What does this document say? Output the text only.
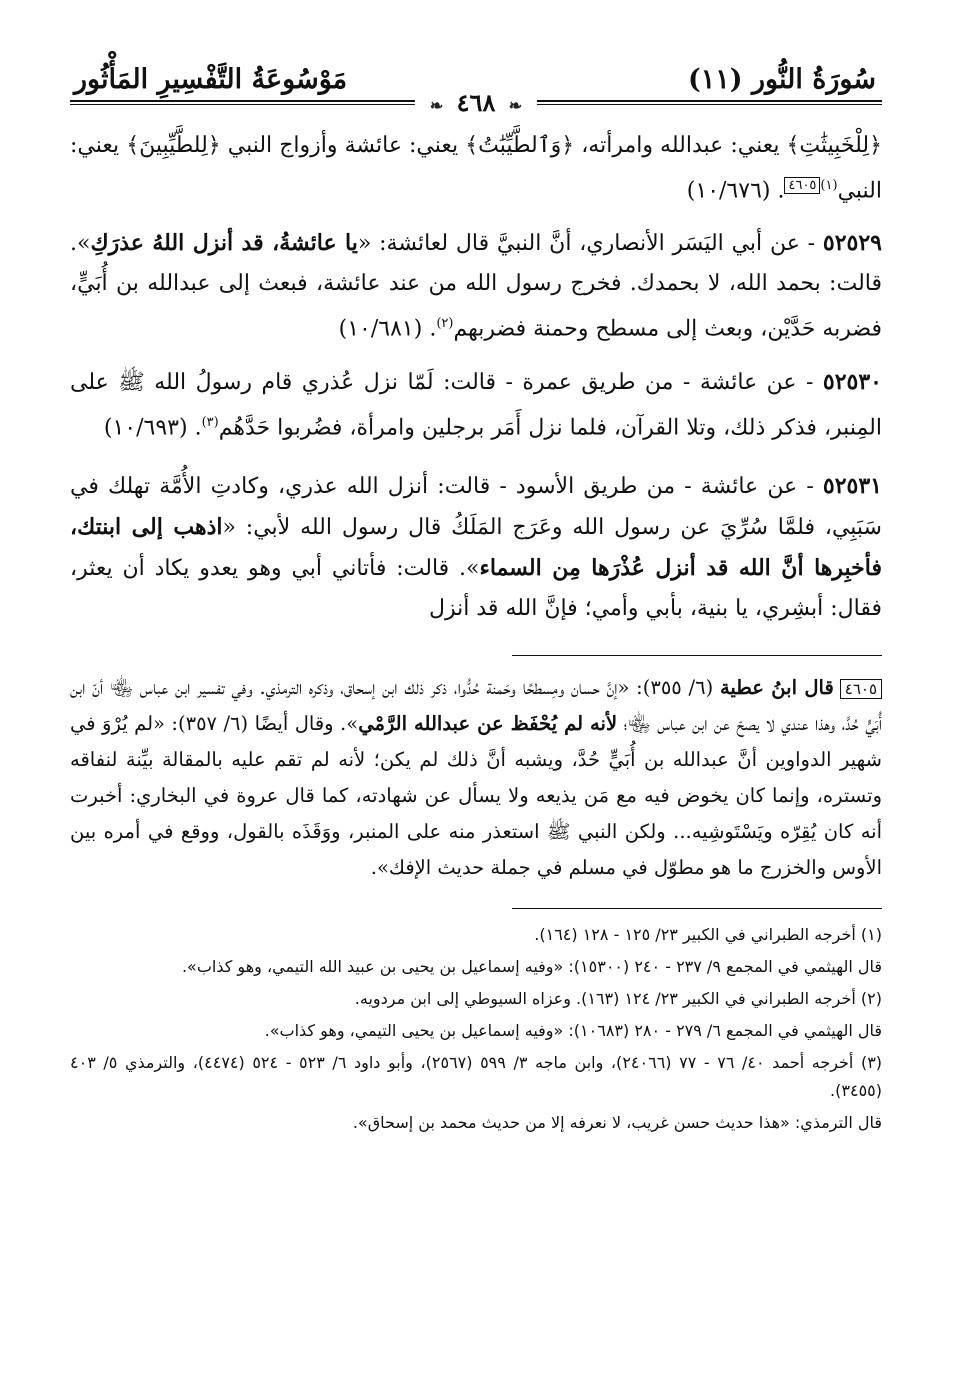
سُورَةُ النُّور (١١)
مَوْسُوعَةُ التَّفْسِيرِ المَأْثُور
❧ ٤٦٨ ❧

﴿لِلْخَبِيثَٰتِ﴾ يعني: عبدالله وامرأته، ﴿وَٱلطَّيِّبَٰتُ﴾ يعني: عائشة وأزواج النبي ﴿لِلطَّيِّبِينَ﴾ يعني: النبي$^{(١)}$٤٦٠٥. (١٠/٦٧٦)

٥٢٥٢٩ - عن أبي اليَسَر الأنصاري، أنَّ النبيَّ قال لعائشة: «يا عائشةُ، قد أنزل اللهُ عذرَكِ». قالت: بحمد الله، لا بحمدك. فخرج رسول الله من عند عائشة، فبعث إلى عبدالله بن أُبَيٍّ، فضربه حَدَّيْن، وبعث إلى مسطح وحمنة فضربهم$^{(٢)}$. (١٠/٦٨١)

٥٢٥٣٠ - عن عائشة - من طريق عمرة - قالت: لَمّا نزل عُذري قام رسولُ الله ﷺ على المِنبر، فذكر ذلك، وتلا القرآن، فلما نزل أَمَر برجلين وامرأة، فضُربوا حَدَّهُم$^{(٣)}$. (١٠/٦٩٣)

٥٢٥٣١ - عن عائشة - من طريق الأسود - قالت: أنزل الله عذري، وكادتِ الأُمَّة تهلك في سَبَبِي، فلمَّا سُرِّيَ عن رسول الله وعَرَج المَلَكُ قال رسول الله لأبي: «اذهب إلى ابنتك، فأخبِرها أنَّ الله قد أنزل عُذْرَها مِن السماء». قالت: فأتاني أبي وهو يعدو يكاد أن يعثر، فقال: أبشِري، يا بنية، بأبي وأمي؛ فإنَّ الله قد أنزل

٤٦٠٥قال ابنُ عطية (٦/ ٣٥٥): «إنَّ حسان ومِسطحًا وحَمنة حُدُّوا، ذكر ذلك ابن إسحاق، وذكره الترمذي. وفي تفسير ابن عباس ﵄ أنّ ابن أُبَيٍّ حُدَّ، وهذا عندي لا يصحّ عن ابن عباس ﵄؛ لأنه لم يُحْفَظ عن عبدالله الرَّمْي». وقال أيضًا (٦/ ٣٥٧): «لم يُرْوَ في شهير الدواوين أنَّ عبدالله بن أُبَيٍّ حُدَّ، ويشبه أنَّ ذلك لم يكن؛ لأنه لم تقم عليه بالمقالة بيِّنة لنفاقه وتستره، وإنما كان يخوض فيه مع مَن يذيعه ولا يسأل عن شهادته، كما قال عروة في البخاري: أخبرت أنه كان يُقِرّه ويَسْتَوشِيه... ولكن النبي ﷺ استعذر منه على المنبر، ووَقَذَه بالقول، ووقع في أمره بين الأوس والخزرج ما هو مطوّل في مسلم في جملة حديث الإفك».

(١) أخرجه الطبراني في الكبير ٢٣/ ١٢٥ - ١٢٨ (١٦٤).

قال الهيثمي في المجمع ٩/ ٢٣٧ - ٢٤٠ (١٥٣٠٠): «وفيه إسماعيل بن يحيى بن عبيد الله التيمي، وهو كذاب».

(٢) أخرجه الطبراني في الكبير ٢٣/ ١٢٤ (١٦٣). وعزاه السيوطي إلى ابن مردويه.

قال الهيثمي في المجمع ٦/ ٢٧٩ - ٢٨٠ (١٠٦٨٣): «وفيه إسماعيل بن يحيى التيمي، وهو كذاب».

(٣) أخرجه أحمد ٤٠/ ٧٦ - ٧٧ (٢٤٠٦٦)، وابن ماجه ٣/ ٥٩٩ (٢٥٦٧)، وأبو داود ٦/ ٥٢٣ - ٥٢٤ (٤٤٧٤)، والترمذي ٥/ ٤٠٣ (٣٤٥٥).

قال الترمذي: «هذا حديث حسن غريب، لا نعرفه إلا من حديث محمد بن إسحاق».
